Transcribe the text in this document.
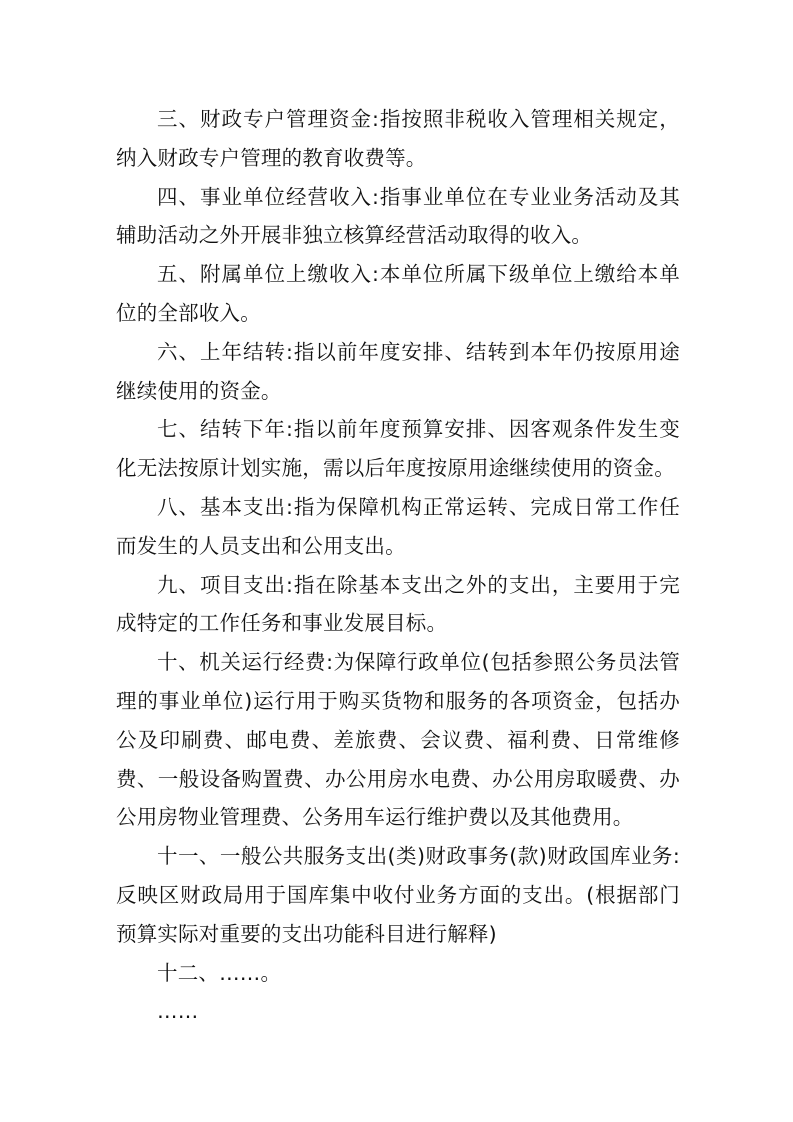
三、财政专户管理资金:指按照非税收入管理相关规定，纳入财政专户管理的教育收费等。

四、事业单位经营收入:指事业单位在专业业务活动及其辅助活动之外开展非独立核算经营活动取得的收入。

五、附属单位上缴收入:本单位所属下级单位上缴给本单位的全部收入。

六、上年结转:指以前年度安排、结转到本年仍按原用途继续使用的资金。

七、结转下年:指以前年度预算安排、因客观条件发生变化无法按原计划实施，需以后年度按原用途继续使用的资金。

八、基本支出:指为保障机构正常运转、完成日常工作任而发生的人员支出和公用支出。

九、项目支出:指在除基本支出之外的支出，主要用于完成特定的工作任务和事业发展目标。

十、机关运行经费:为保障行政单位(包括参照公务员法管理的事业单位)运行用于购买货物和服务的各项资金，包括办公及印刷费、邮电费、差旅费、会议费、福利费、日常维修费、一般设备购置费、办公用房水电费、办公用房取暖费、办公用房物业管理费、公务用车运行维护费以及其他费用。

十一、一般公共服务支出(类)财政事务(款)财政国库业务:反映区财政局用于国库集中收付业务方面的支出。(根据部门预算实际对重要的支出功能科目进行解释)

十二、……。

……
